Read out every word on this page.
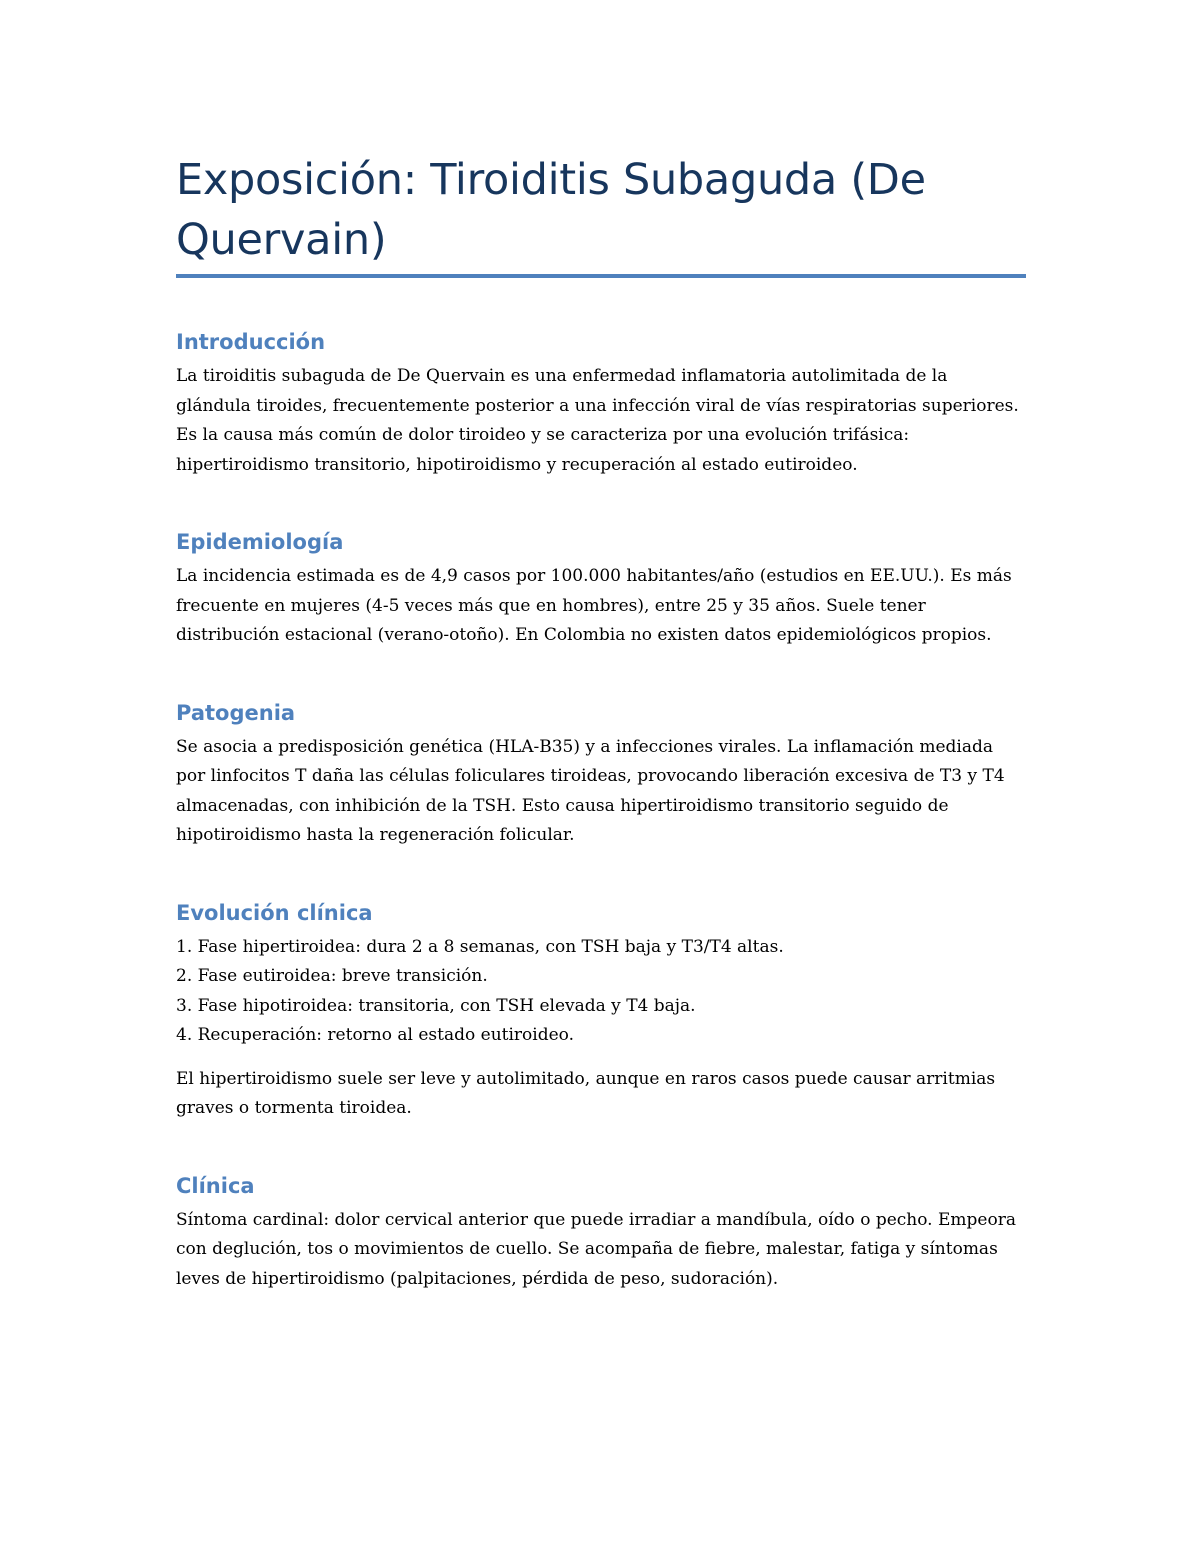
Exposición: Tiroiditis Subaguda (De Quervain)
Introducción

La tiroiditis subaguda de De Quervain es una enfermedad inflamatoria autolimitada de la glándula tiroides, frecuentemente posterior a una infección viral de vías respiratorias superiores. Es la causa más común de dolor tiroideo y se caracteriza por una evolución trifásica: hipertiroidismo transitorio, hipotiroidismo y recuperación al estado eutiroideo.

Epidemiología

La incidencia estimada es de 4,9 casos por 100.000 habitantes/año (estudios en EE.UU.). Es más frecuente en mujeres (4-5 veces más que en hombres), entre 25 y 35 años. Suele tener distribución estacional (verano-otoño). En Colombia no existen datos epidemiológicos propios.

Patogenia

Se asocia a predisposición genética (HLA-B35) y a infecciones virales. La inflamación mediada por linfocitos T daña las células foliculares tiroideas, provocando liberación excesiva de T3 y T4 almacenadas, con inhibición de la TSH. Esto causa hipertiroidismo transitorio seguido de hipotiroidismo hasta la regeneración folicular.

Evolución clínica
1. Fase hipertiroidea: dura 2 a 8 semanas, con TSH baja y T3/T4 altas.
2. Fase eutiroidea: breve transición.
3. Fase hipotiroidea: transitoria, con TSH elevada y T4 baja.
4. Recuperación: retorno al estado eutiroideo.

El hipertiroidismo suele ser leve y autolimitado, aunque en raros casos puede causar arritmias graves o tormenta tiroidea.

Clínica

Síntoma cardinal: dolor cervical anterior que puede irradiar a mandíbula, oído o pecho. Empeora con deglución, tos o movimientos de cuello. Se acompaña de fiebre, malestar, fatiga y síntomas leves de hipertiroidismo (palpitaciones, pérdida de peso, sudoración).
